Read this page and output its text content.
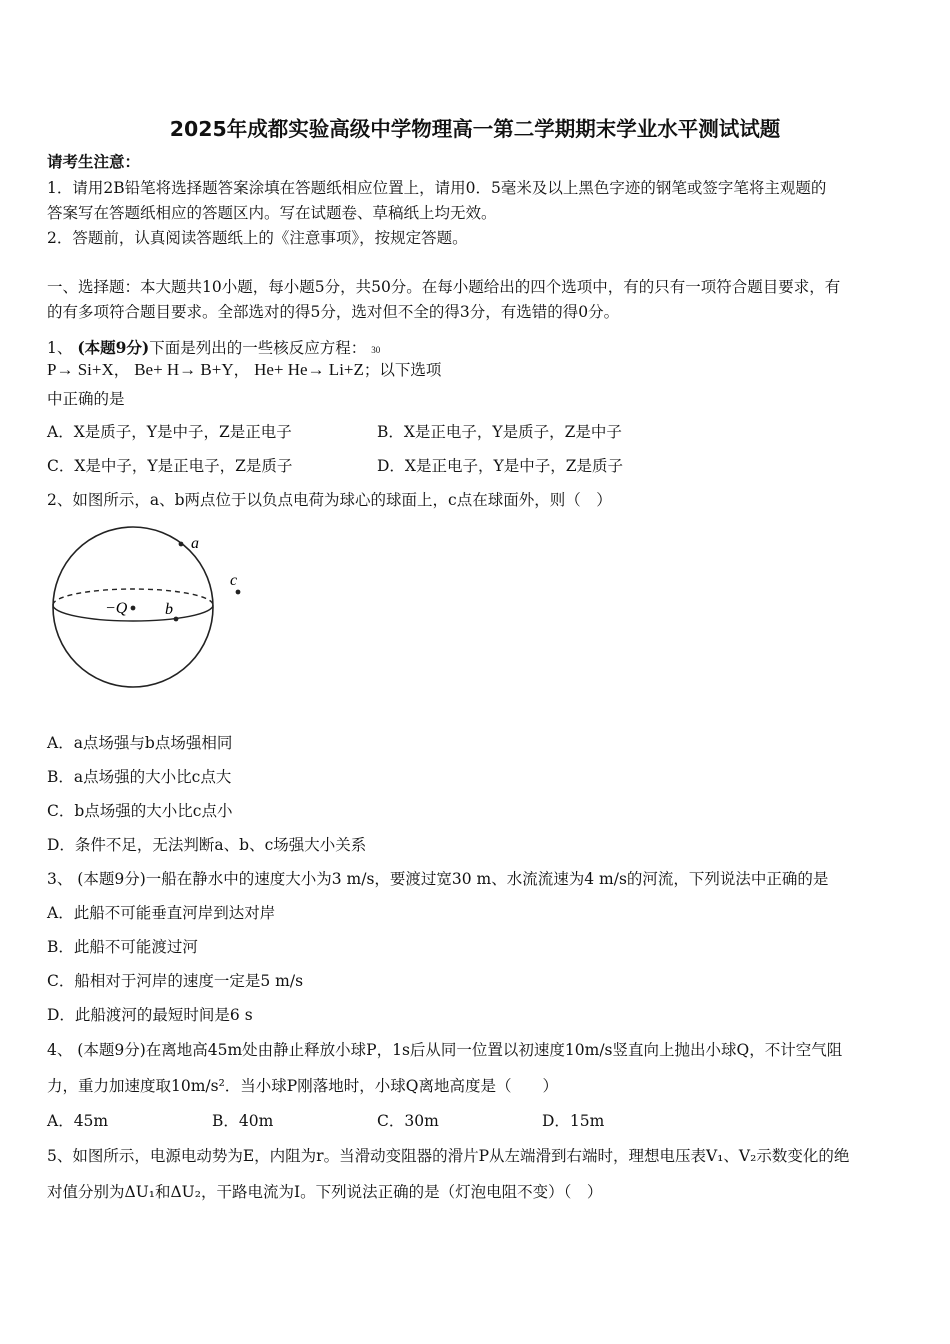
2025年成都实验高级中学物理高一第二学期期末学业水平测试试题
请考生注意：
1．请用2B铅笔将选择题答案涂填在答题纸相应位置上，请用0．5毫米及以上黑色字迹的钢笔或签字笔将主观题的
答案写在答题纸相应的答题区内。写在试题卷、草稿纸上均无效。
2．答题前，认真阅读答题纸上的《注意事项》，按规定答题。
一、选择题：本大题共10小题，每小题5分，共50分。在每小题给出的四个选项中，有的只有一项符合题目要求，有
的有多项符合题目要求。全部选对的得5分，选对但不全的得3分，有选错的得0分。
1、 (本题9分)下面是列出的一些核反应方程： 30
P→ Si+X， Be+ H→ B+Y， He+ He→ Li+Z；以下选项
中正确的是
A．X是质子，Y是中子，Z是正电子	B．X是正电子，Y是质子，Z是中子
C．X是中子，Y是正电子，Z是质子	D．X是正电子，Y是中子，Z是质子
2、如图所示，a、b两点位于以负点电荷为球心的球面上，c点在球面外，则（　）
a
b
−Q
c
A．a点场强与b点场强相同
B．a点场强的大小比c点大
C．b点场强的大小比c点小
D．条件不足，无法判断a、b、c场强大小关系
3、 (本题9分)一船在静水中的速度大小为3 m/s，要渡过宽30 m、水流流速为4 m/s的河流，下列说法中正确的是
A．此船不可能垂直河岸到达对岸
B．此船不可能渡过河
C．船相对于河岸的速度一定是5 m/s
D．此船渡河的最短时间是6 s
4、 (本题9分)在离地高45m处由静止释放小球P，1s后从同一位置以初速度10m/s竖直向上抛出小球Q，不计空气阻
力，重力加速度取10m/s²．当小球P刚落地时，小球Q离地高度是（　　）
A．45m	B．40m	C．30m	D．15m
5、如图所示，电源电动势为E，内阻为r。当滑动变阻器的滑片P从左端滑到右端时，理想电压表V₁、V₂示数变化的绝
对值分别为ΔU₁和ΔU₂，干路电流为I。下列说法正确的是（灯泡电阻不变）（　）
